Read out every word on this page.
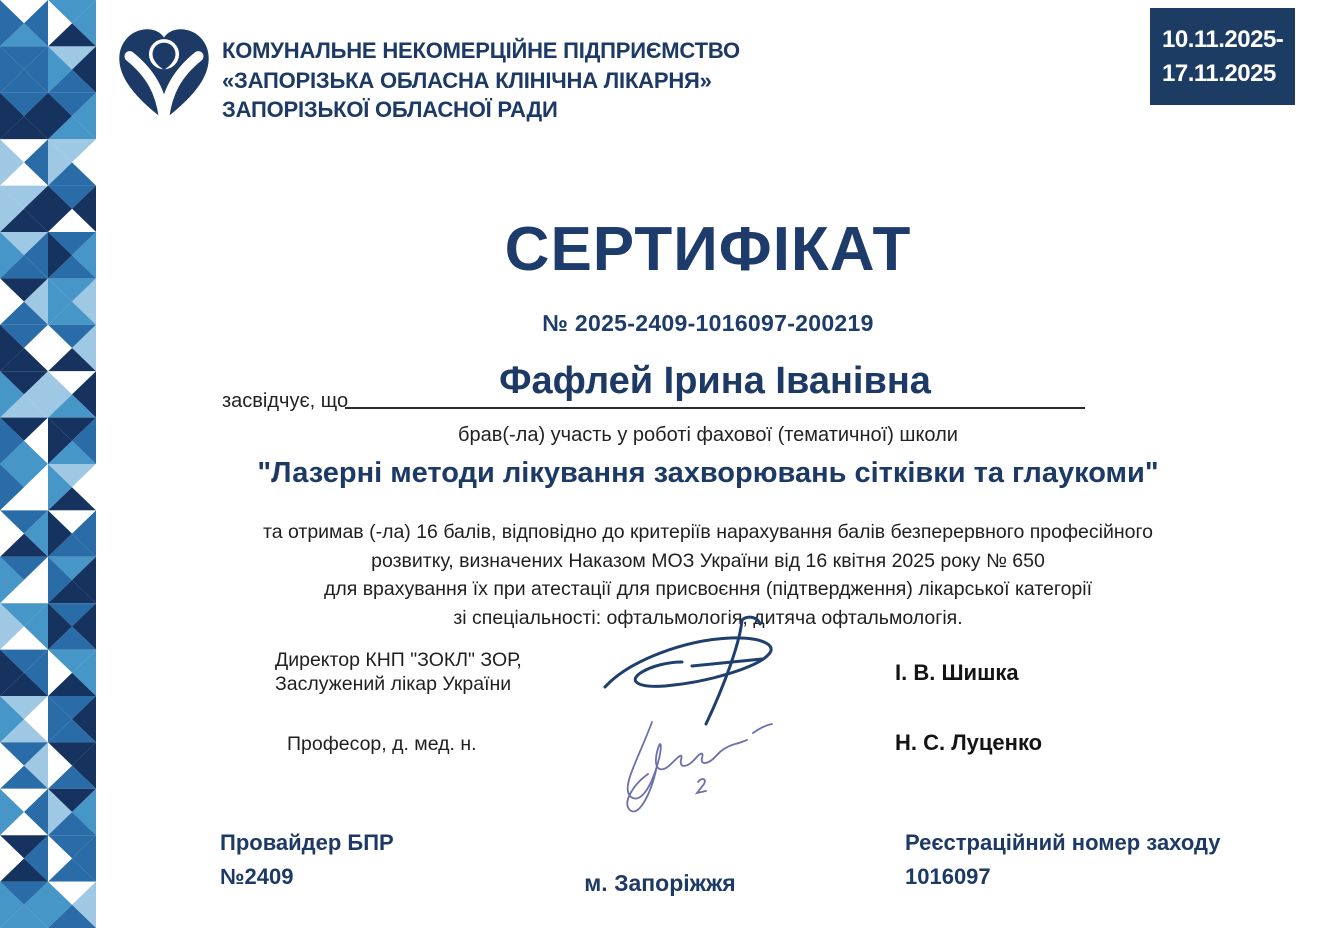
КОМУНАЛЬНЕ НЕКОМЕРЦІЙНЕ ПІДПРИЄМСТВО
«ЗАПОРІЗЬКА ОБЛАСНА КЛІНІЧНА ЛІКАРНЯ»
ЗАПОРІЗЬКОЇ ОБЛАСНОЇ РАДИ
10.11.2025-
17.11.2025
СЕРТИФІКАТ
№ 2025-2409-1016097-200219
засвідчує, що	Фафлей Ірина Іванівна
брав(-ла) участь у роботі фахової (тематичної) школи
"Лазерні методи лікування захворювань сітківки та глаукоми"
та отримав (-ла) 16 балів, відповідно до критеріїв нарахування балів безперервного професійного
розвитку, визначених Наказом МОЗ України від 16 квітня 2025 року № 650
для врахування їх при атестації для присвоєння (підтвердження) лікарської категорії
зі спеціальності: офтальмологія, дитяча офтальмологія.
Директор КНП "ЗОКЛ" ЗОР,
Заслужений лікар України	І. В. Шишка
Професор, д. мед. н.	Н. С. Луценко
Провайдер БПР
№2409	м. Запоріжжя
Реєстраційний номер заходу
1016097
